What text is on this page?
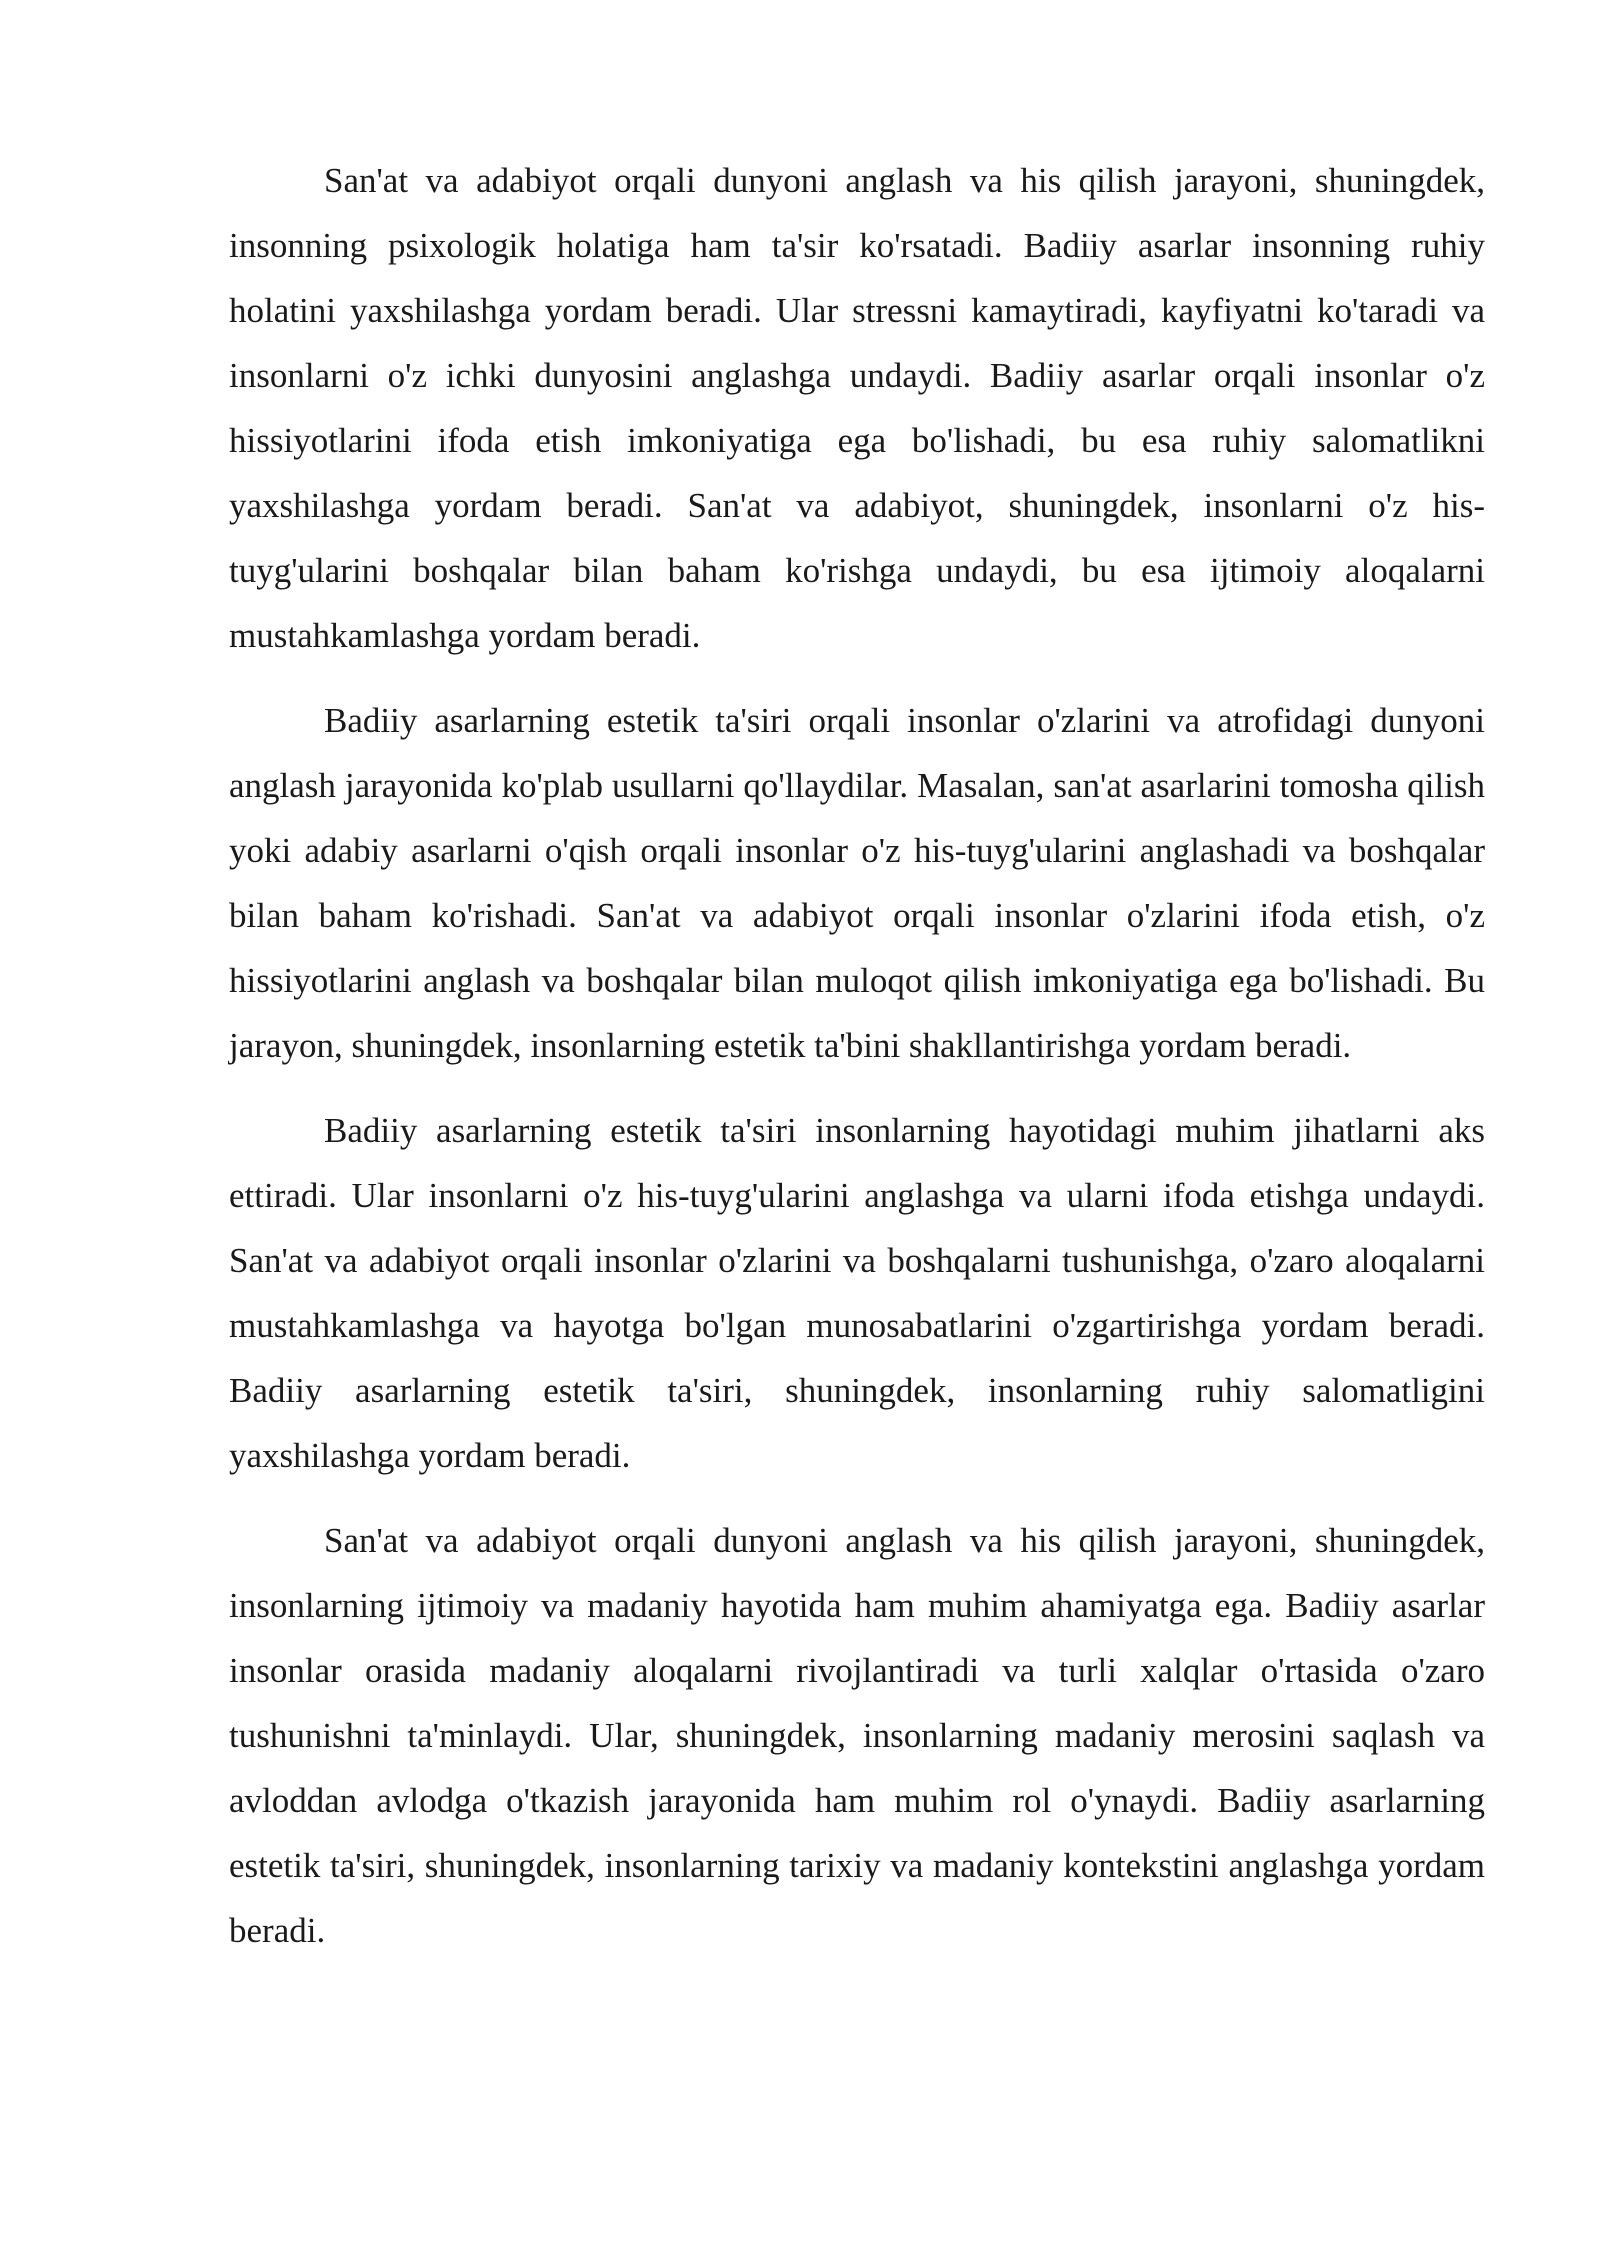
San'at va adabiyot orqali dunyoni anglash va his qilish jarayoni, shuningdek, insonning psixologik holatiga ham ta'sir ko'rsatadi. Badiiy asarlar insonning ruhiy holatini yaxshilashga yordam beradi. Ular stressni kamaytiradi, kayfiyatni ko'taradi va insonlarni o'z ichki dunyosini anglashga undaydi. Badiiy asarlar orqali insonlar o'z hissiyotlarini ifoda etish imkoniyatiga ega bo'lishadi, bu esa ruhiy salomatlikni yaxshilashga yordam beradi. San'at va adabiyot, shuningdek, insonlarni o'z his-tuyg'ularini boshqalar bilan baham ko'rishga undaydi, bu esa ijtimoiy aloqalarni mustahkamlashga yordam beradi.

Badiiy asarlarning estetik ta'siri orqali insonlar o'zlarini va atrofidagi dunyoni anglash jarayonida ko'plab usullarni qo'llaydilar. Masalan, san'at asarlarini tomosha qilish yoki adabiy asarlarni o'qish orqali insonlar o'z his-tuyg'ularini anglashadi va boshqalar bilan baham ko'rishadi. San'at va adabiyot orqali insonlar o'zlarini ifoda etish, o'z hissiyotlarini anglash va boshqalar bilan muloqot qilish imkoniyatiga ega bo'lishadi. Bu jarayon, shuningdek, insonlarning estetik ta'bini shakllantirishga yordam beradi.

Badiiy asarlarning estetik ta'siri insonlarning hayotidagi muhim jihatlarni aks ettiradi. Ular insonlarni o'z his-tuyg'ularini anglashga va ularni ifoda etishga undaydi. San'at va adabiyot orqali insonlar o'zlarini va boshqalarni tushunishga, o'zaro aloqalarni mustahkamlashga va hayotga bo'lgan munosabatlarini o'zgartirishga yordam beradi. Badiiy asarlarning estetik ta'siri, shuningdek, insonlarning ruhiy salomatligini yaxshilashga yordam beradi.

San'at va adabiyot orqali dunyoni anglash va his qilish jarayoni, shuningdek, insonlarning ijtimoiy va madaniy hayotida ham muhim ahamiyatga ega. Badiiy asarlar insonlar orasida madaniy aloqalarni rivojlantiradi va turli xalqlar o'rtasida o'zaro tushunishni ta'minlaydi. Ular, shuningdek, insonlarning madaniy merosini saqlash va avloddan avlodga o'tkazish jarayonida ham muhim rol o'ynaydi. Badiiy asarlarning estetik ta'siri, shuningdek, insonlarning tarixiy va madaniy kontekstini anglashga yordam beradi.
